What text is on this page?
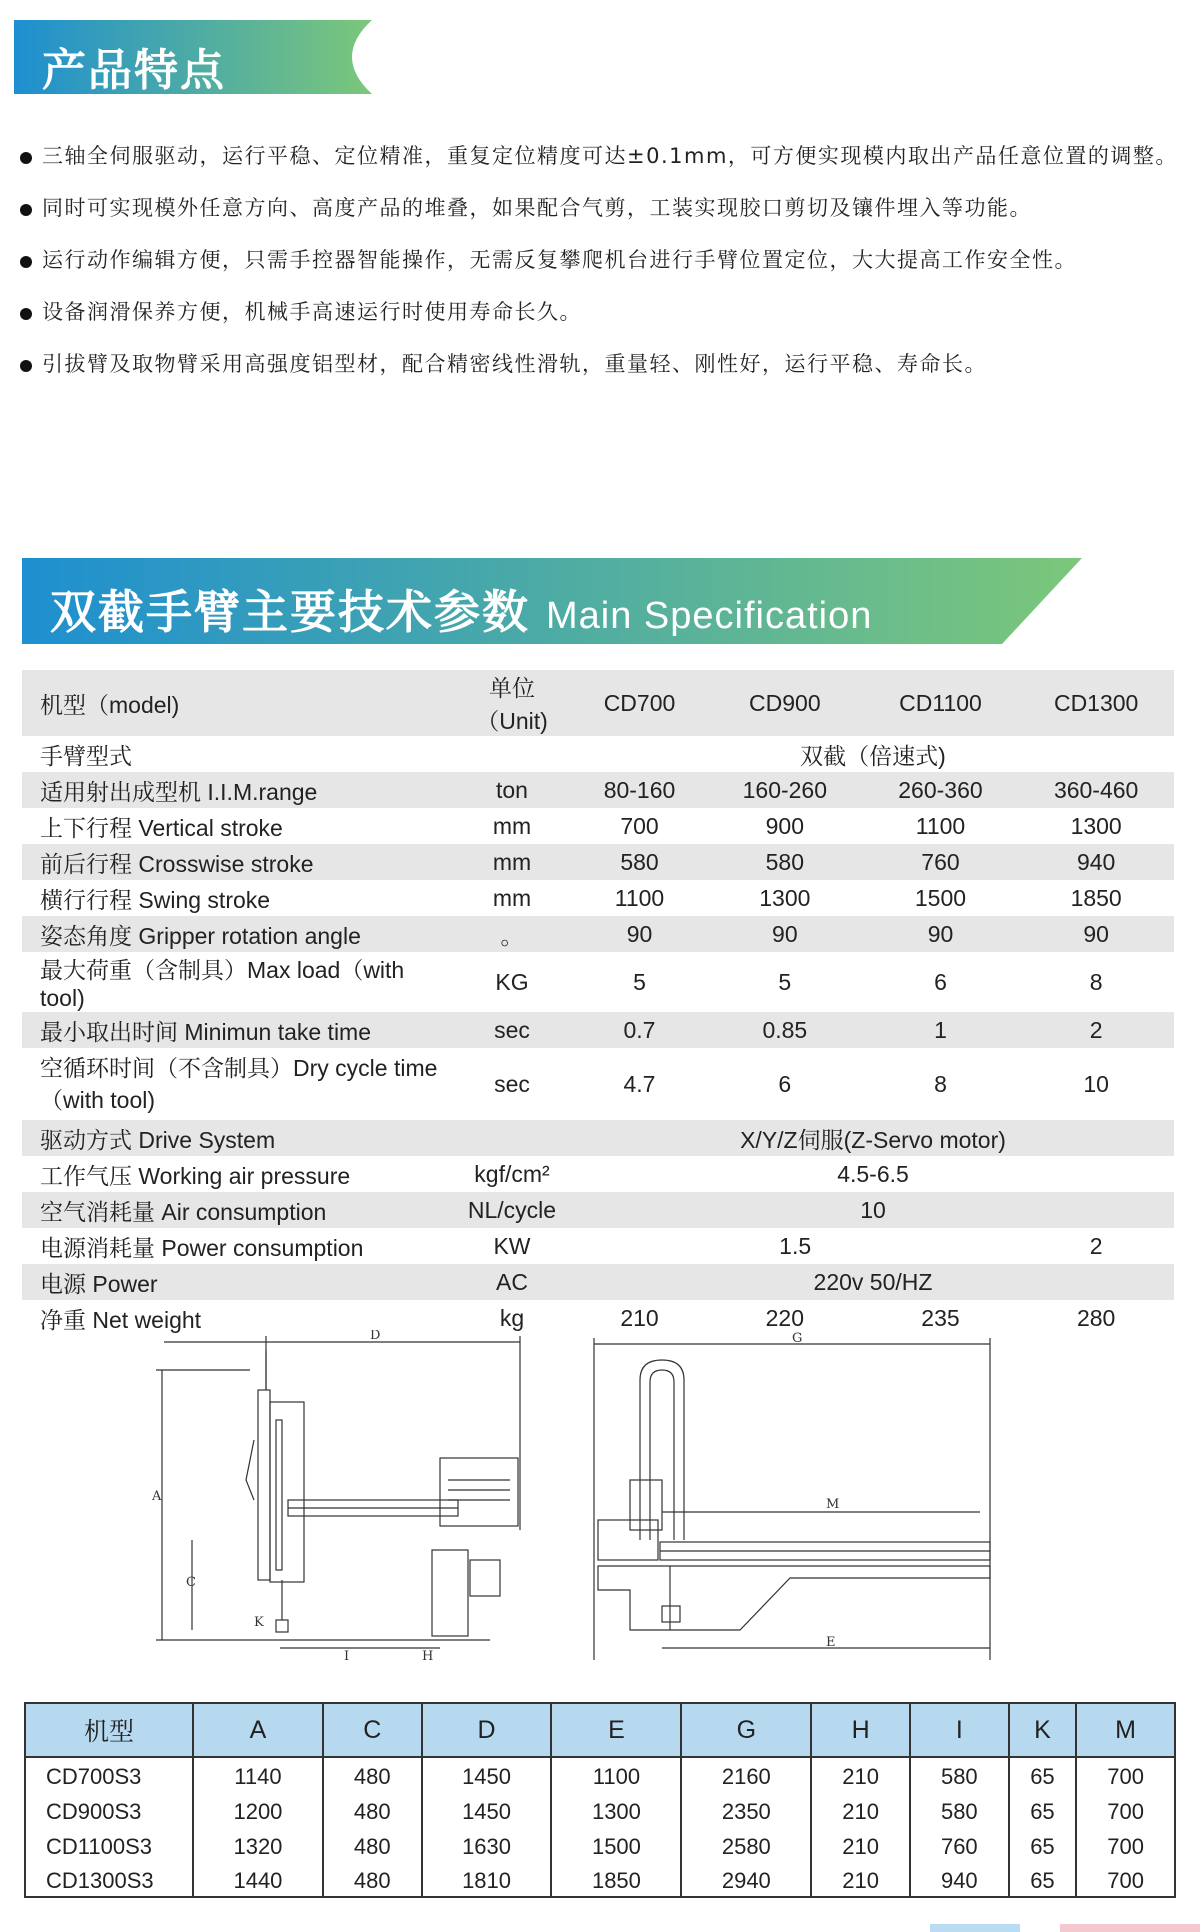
产品特点
三轴全伺服驱动，运行平稳、定位精准，重复定位精度可达±0.1mm，可方便实现模内取出产品任意位置的调整。
同时可实现模外任意方向、高度产品的堆叠，如果配合气剪，工装实现胶口剪切及镶件埋入等功能。
运行动作编辑方便，只需手控器智能操作，无需反复攀爬机台进行手臂位置定位，大大提高工作安全性。
设备润滑保养方便，机械手高速运行时使用寿命长久。
引拔臂及取物臂采用高强度铝型材，配合精密线性滑轨，重量轻、刚性好，运行平稳、寿命长。
双截手臂主要技术参数 Main Specification
机型（model)	单位（Unit)	CD700	CD900	CD1100	CD1300
手臂型式		双截（倍速式)			
适用射出成型机 I.I.M.range	ton	80-160	160-260	260-360	360-460
上下行程 Vertical stroke	mm	700	900	1100	1300
前后行程 Crosswise stroke	mm	580	580	760	940
横行行程 Swing stroke	mm	1100	1300	1500	1850
姿态角度 Gripper rotation angle	。	90	90	90	90
最大荷重（含制具）Max load（with tool)	KG	5	5	6	8
最小取出时间 Minimun take time	sec	0.7	0.85	1	2

空循环时间（不含制具）Dry cycle time
（with tool)	sec	4.7	6	8	10
驱动方式 Drive System		X/Y/Z伺服(Z-Servo motor)			
工作气压 Working air pressure	kgf/cm²	4.5-6.5			
空气消耗量 Air consumption	NL/cycle	10			
电源消耗量 Power consumption	KW	1.5			2
电源 Power	AC	220v 50/HZ			
净重 Net weight	kg	210	220	235	280
D
A
C
K
I	H
G
M
E
机型	A	C	D	E	G	H	I	K	M
CD700S3	1140	480	1450	1100	2160	210	580	65	700
CD900S3	1200	480	1450	1300	2350	210	580	65	700
CD1100S3	1320	480	1630	1500	2580	210	760	65	700
CD1300S3	1440	480	1810	1850	2940	210	940	65	700
